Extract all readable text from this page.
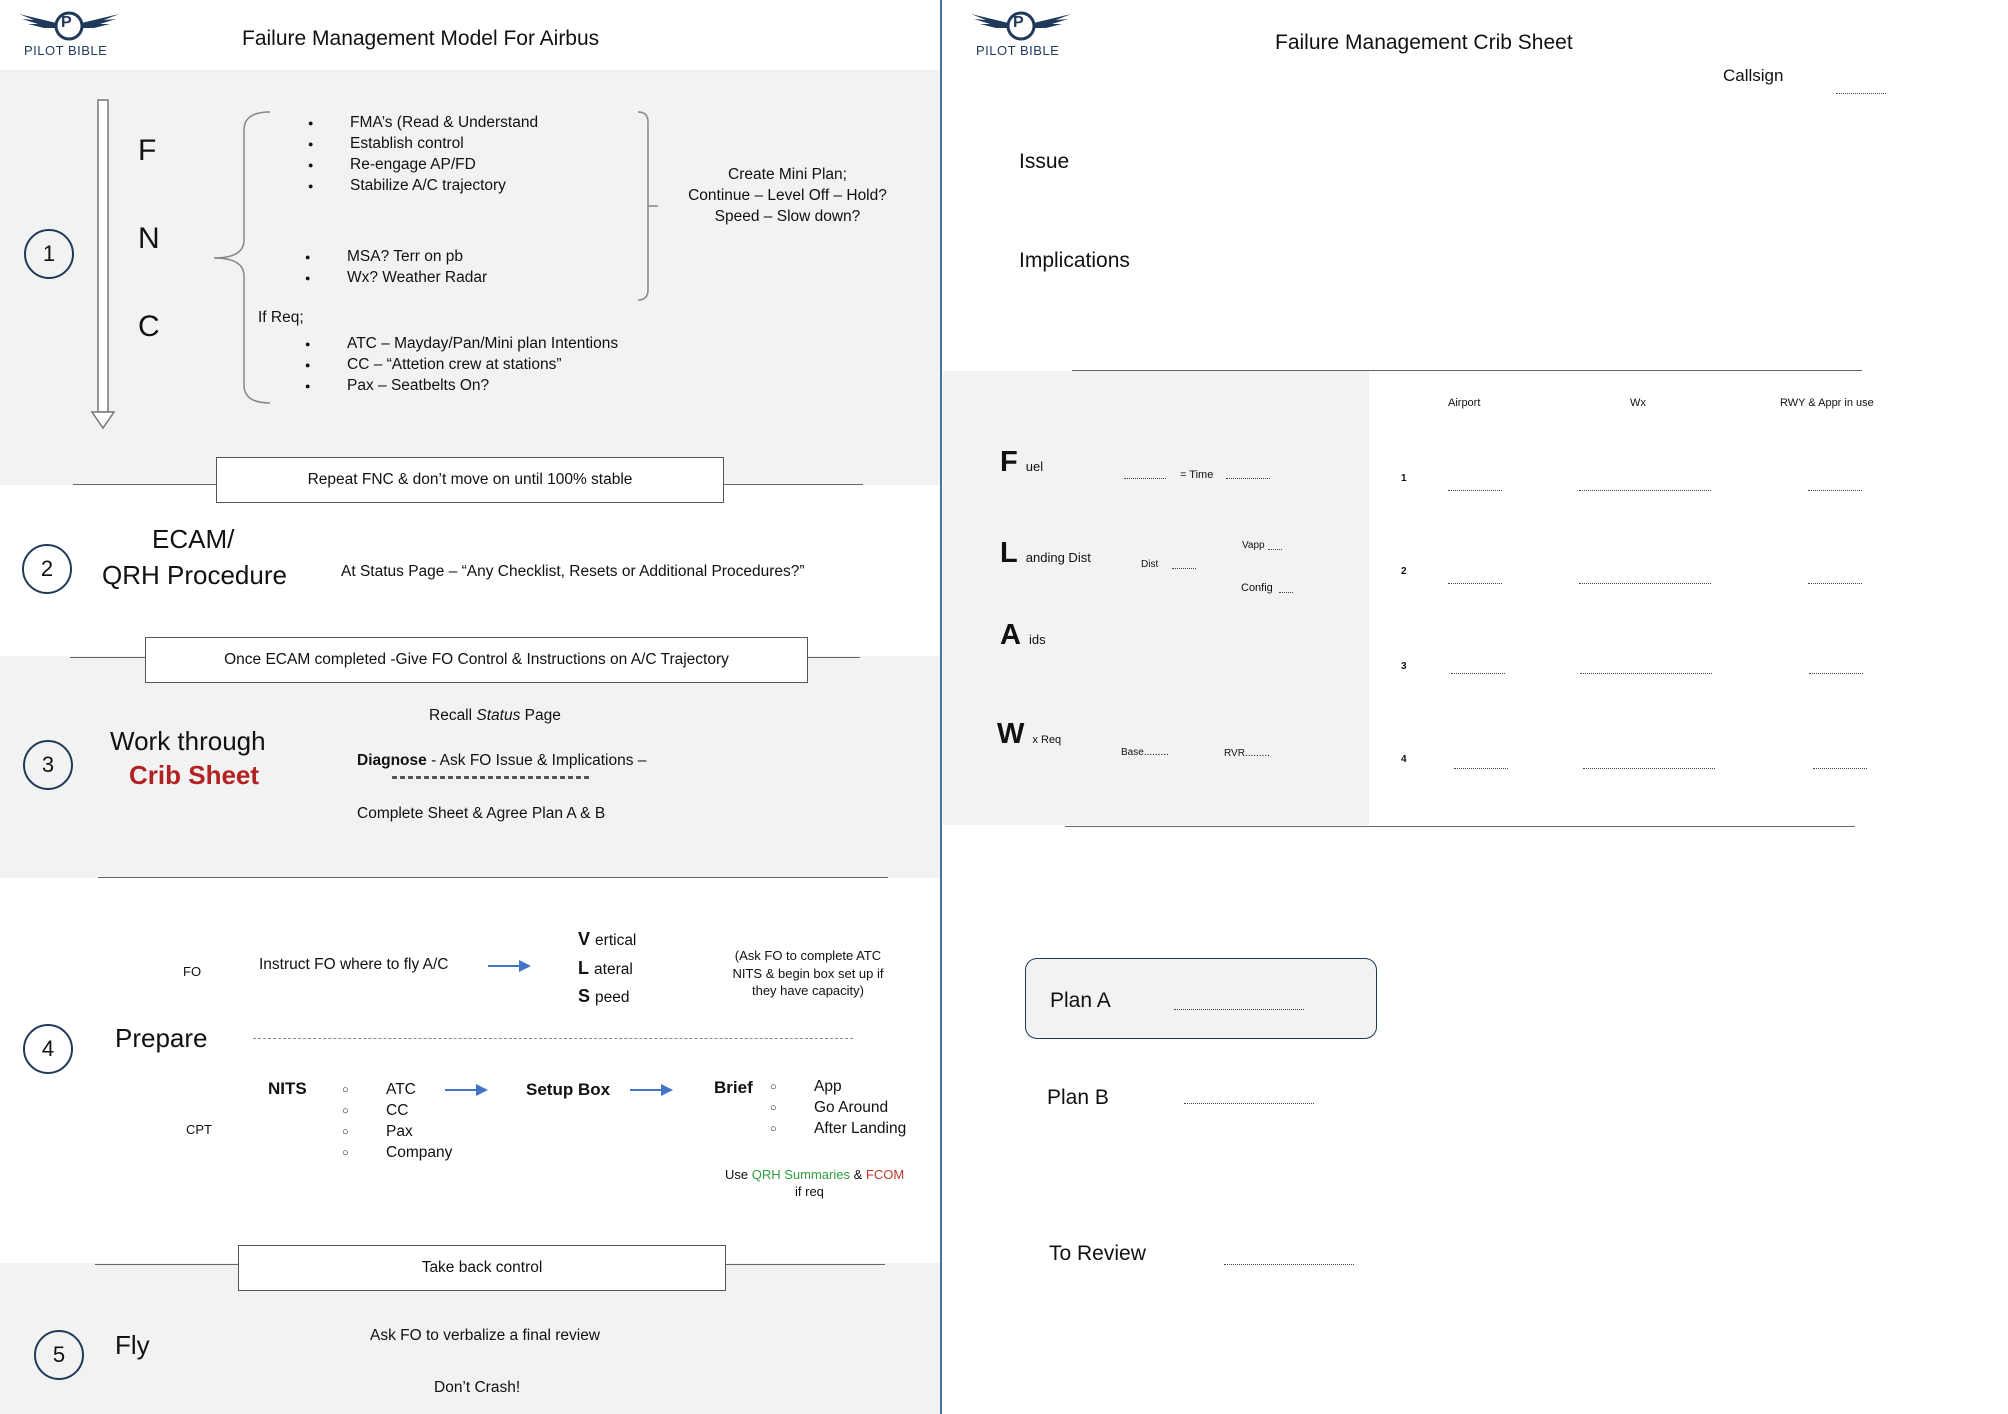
P
PILOT BIBLE
Failure Management Model For Airbus
1
F
N
C
● FMA’s (Read & Understand
● Establish control
● Re-engage AP/FD
● Stabilize A/C trajectory
● MSA? Terr on pb
● Wx? Weather Radar
If Req;
● ATC – Mayday/Pan/Mini plan Intentions
● CC – “Attetion crew at stations”
● Pax – Seatbelts On?
Create Mini Plan;
Continue – Level Off – Hold?
Speed – Slow down?
Repeat FNC & don’t move on until 100% stable
2
ECAM/
QRH Procedure	At Status Page – “Any Checklist, Resets or Additional Procedures?”
Once ECAM completed -Give FO Control & Instructions on A/C Trajectory
3
Work through
Crib Sheet
Recall Status Page
Diagnose - Ask FO Issue & Implications –
Complete Sheet & Agree Plan A & B
4	Prepare
FO	Instruct FO where to fly A/C
V ertical
L ateral
S peed
(Ask FO to complete ATC
NITS & begin box set up if
they have capacity)
CPT
NITS	○ ATC
○ CC
○ Pax
○ Company
Setup Box	Brief	○ App
○ Go Around
○ After Landing
Use QRH Summaries & FCOM
if req
Take back control
5	Fly	Ask FO to verbalize a final review
Don’t Crash!
P
PILOT BIBLE	Failure Management Crib Sheet
Callsign
Issue
Implications
F uel
= Time
L anding Dist	Dist
Vapp
Config
A ids
W x Req
Base.........	RVR.........
Airport	Wx	RWY & Appr in use
1
2
3
4
Plan A
Plan B
To Review
